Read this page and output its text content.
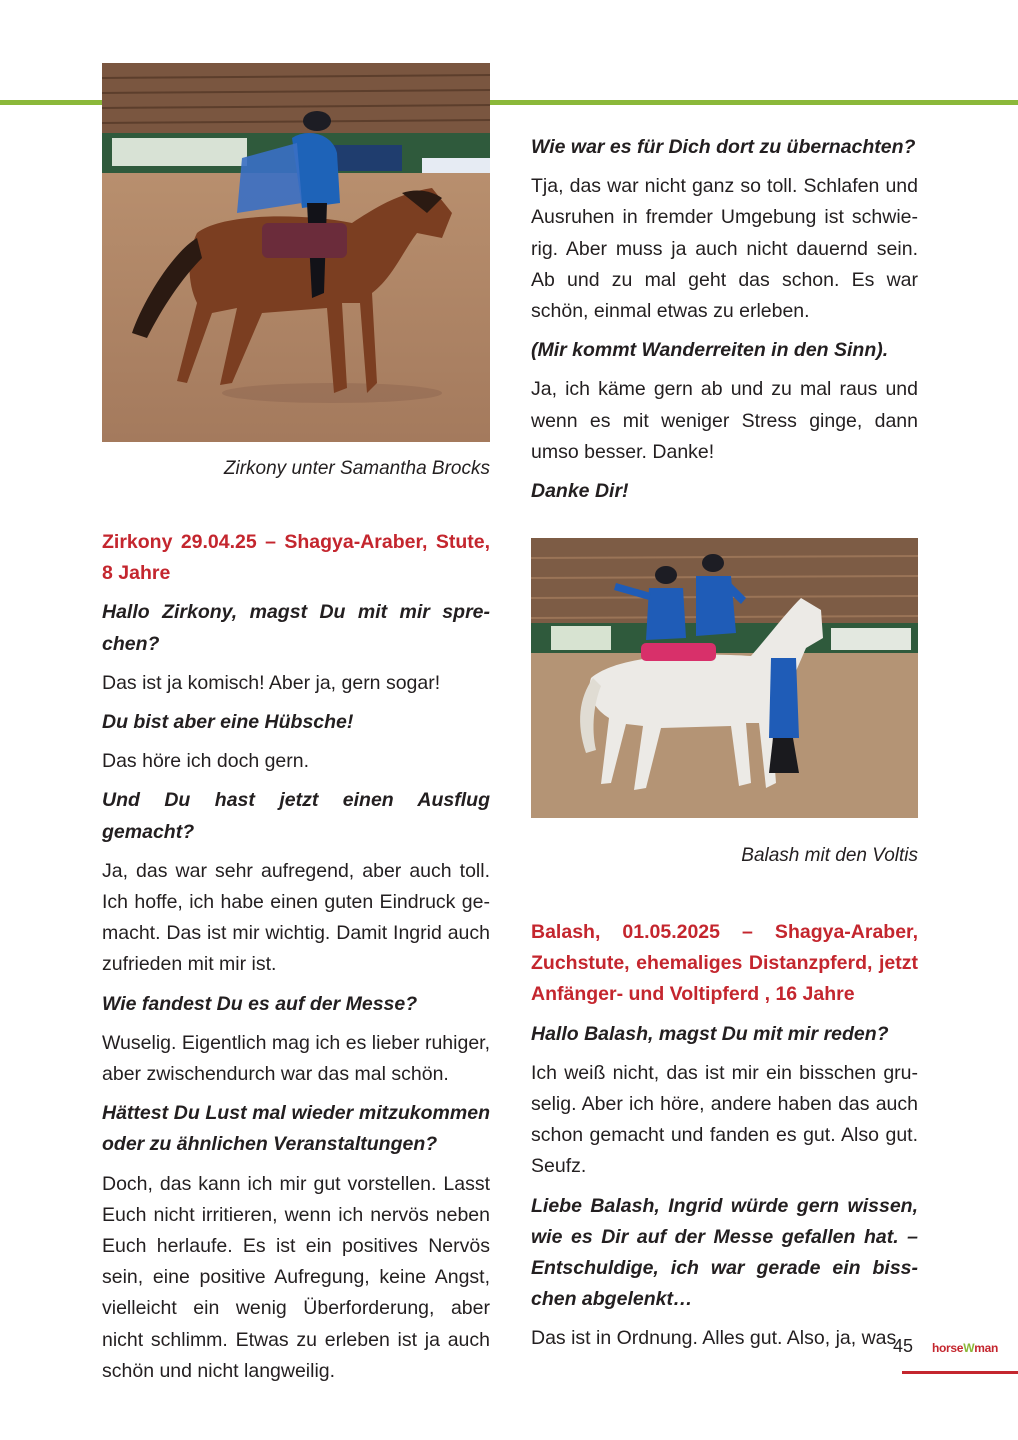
Zirkony unter Samantha Brocks

Zirkony 29.04.25 – Shagya-Araber, Stute, 8 Jahre

Hallo Zirkony, magst Du mit mir spre-chen?

Das ist ja komisch! Aber ja, gern sogar!

Du bist aber eine Hübsche!

Das höre ich doch gern.

Und Du hast jetzt einen Ausflug gemacht?

Ja, das war sehr aufregend, aber auch toll. Ich hoffe, ich habe einen guten Eindruck ge-macht. Das ist mir wichtig. Damit Ingrid auch zufrieden mit mir ist.

Wie fandest Du es auf der Messe?

Wuselig. Eigentlich mag ich es lieber ruhiger, aber zwischendurch war das mal schön.

Hättest Du Lust mal wieder mitzukommen oder zu ähnlichen Veranstaltungen?

Doch, das kann ich mir gut vorstellen. Lasst Euch nicht irritieren, wenn ich nervös neben Euch herlaufe. Es ist ein positives Nervös sein, eine positive Aufregung, keine Angst, vielleicht ein wenig Überforderung, aber nicht schlimm. Etwas zu erleben ist ja auch schön und nicht langweilig.

Wie war es für Dich dort zu übernachten?

Tja, das war nicht ganz so toll. Schlafen und Ausruhen in fremder Umgebung ist schwie-rig. Aber muss ja auch nicht dauernd sein. Ab und zu mal geht das schon. Es war schön, einmal etwas zu erleben.

(Mir kommt Wanderreiten in den Sinn).

Ja, ich käme gern ab und zu mal raus und wenn es mit weniger Stress ginge, dann umso besser. Danke!

Danke Dir!

Balash mit den Voltis

Balash, 01.05.2025 – Shagya-Araber, Zuchstute, ehemaliges Distanzpferd, jetzt Anfänger- und Voltipferd , 16 Jahre

Hallo Balash, magst Du mit mir reden?

Ich weiß nicht, das ist mir ein bisschen gru-selig. Aber ich höre, andere haben das auch schon gemacht und fanden es gut. Also gut. Seufz.

Liebe Balash, Ingrid würde gern wissen, wie es Dir auf der Messe gefallen hat. – Entschuldige, ich war gerade ein biss-chen abgelenkt…

Das ist in Ordnung. Alles gut. Also, ja, was

45 horseWman
